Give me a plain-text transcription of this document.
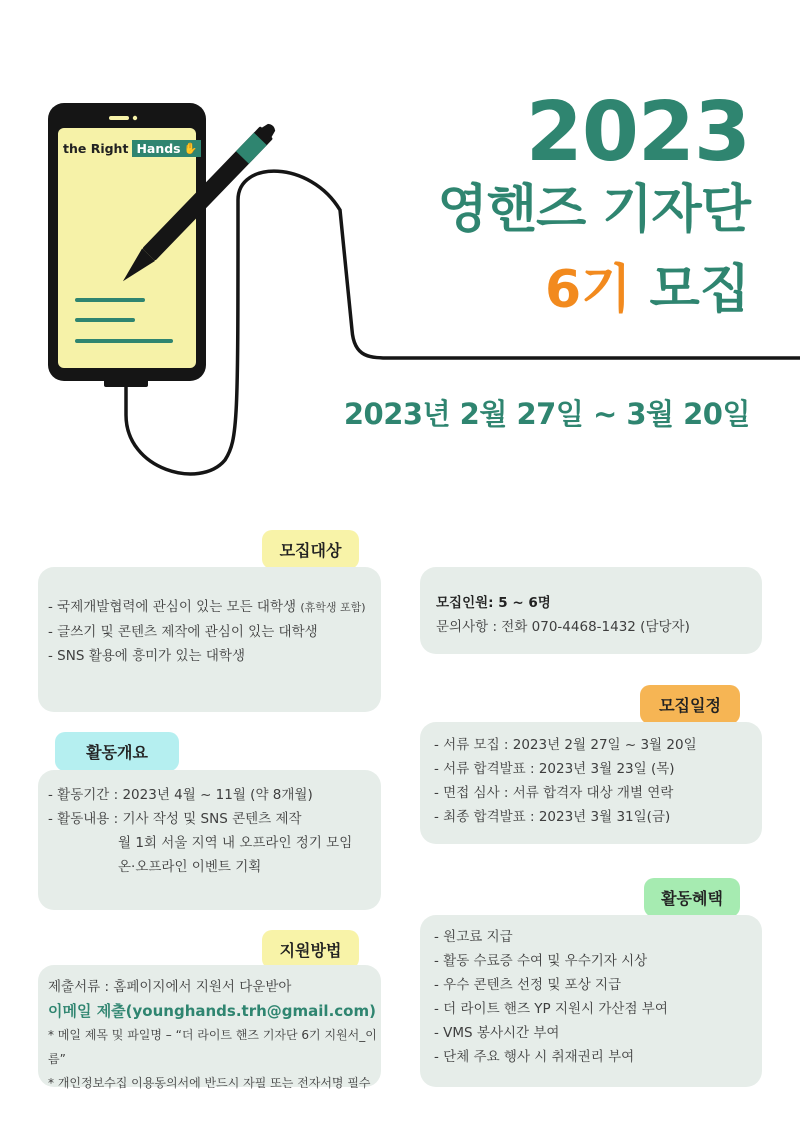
the Right Hands ✋	2023
영핸즈 기자단
6기 모집
2023년 2월 27일 ~ 3월 20일
모집대상
- 국제개발협력에 관심이 있는 모든 대학생 (휴학생 포함)
- 글쓰기 및 콘텐츠 제작에 관심이 있는 대학생
- SNS 활용에 흥미가 있는 대학생
모집인원: 5 ~ 6명
문의사항 : 전화 070-4468-1432 (담당자)
모집일정
- 서류 모집 : 2023년 2월 27일 ~ 3월 20일
- 서류 합격발표 : 2023년 3월 23일 (목)
- 면접 심사 : 서류 합격자 대상 개별 연락
- 최종 합격발표 : 2023년 3월 31일(금)
활동개요
- 활동기간 : 2023년 4월 ~ 11월 (약 8개월)
- 활동내용 : 기사 작성 및 SNS 콘텐츠 제작
월 1회 서울 지역 내 오프라인 정기 모임
온·오프라인 이벤트 기획
활동혜택
- 원고료 지급
- 활동 수료증 수여 및 우수기자 시상
- 우수 콘텐츠 선정 및 포상 지급
- 더 라이트 핸즈 YP 지원시 가산점 부여
- VMS 봉사시간 부여
- 단체 주요 행사 시 취재권리 부여
지원방법
제출서류 : 홈페이지에서 지원서 다운받아
이메일 제출(younghands.trh@gmail.com)
* 메일 제목 및 파일명 – “더 라이트 핸즈 기자단 6기 지원서_이름”
* 개인정보수집 이용동의서에 반드시 자필 또는 전자서명 필수
